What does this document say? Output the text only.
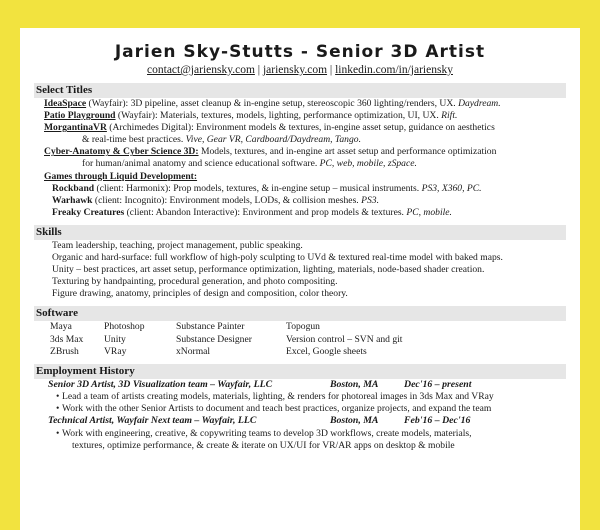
Jarien Sky-Stutts - Senior 3D Artist
contact@jariensky.com | jariensky.com | linkedin.com/in/jariensky
Select Titles
IdeaSpace (Wayfair): 3D pipeline, asset cleanup & in-engine setup, stereoscopic 360 lighting/renders, UX. Daydream.
Patio Playground (Wayfair): Materials, textures, models, lighting, performance optimization, UI, UX. Rift.
MorgantinaVR (Archimedes Digital): Environment models & textures, in-engine asset setup, guidance on aesthetics
& real-time best practices. Vive, Gear VR, Cardboard/Daydream, Tango.
Cyber-Anatomy & Cyber Science 3D: Models, textures, and in-engine art asset setup and performance optimization
for human/animal anatomy and science educational software. PC, web, mobile, zSpace.
Games through Liquid Development:
Rockband (client: Harmonix): Prop models, textures, & in-engine setup – musical instruments. PS3, X360, PC.
Warhawk (client: Incognito): Environment models, LODs, & collision meshes. PS3.
Freaky Creatures (client: Abandon Interactive): Environment and prop models & textures. PC, mobile.
Skills
Team leadership, teaching, project management, public speaking.
Organic and hard-surface: full workflow of high-poly sculpting to UVd & textured real-time model with baked maps.
Unity – best practices, art asset setup, performance optimization, lighting, materials, node-based shader creation.
Texturing by handpainting, procedural generation, and photo compositing.
Figure drawing, anatomy, principles of design and composition, color theory.
Software
Maya	Photoshop	Substance Painter	Topogun
3ds Max	Unity	Substance Designer	Version control – SVN and git
ZBrush	VRay	xNormal	Excel, Google sheets
Employment History
Senior 3D Artist, 3D Visualization team – Wayfair, LLC	Boston, MA	Dec'16 – present
• Lead a team of artists creating models, materials, lighting, & renders for photoreal images in 3ds Max and VRay
• Work with the other Senior Artists to document and teach best practices, organize projects, and expand the team
Technical Artist, Wayfair Next team – Wayfair, LLC	Boston, MA	Feb'16 – Dec'16
• Work with engineering, creative, & copywriting teams to develop 3D workflows, create models, materials,
textures, optimize performance, & create & iterate on UX/UI for VR/AR apps on desktop & mobile
